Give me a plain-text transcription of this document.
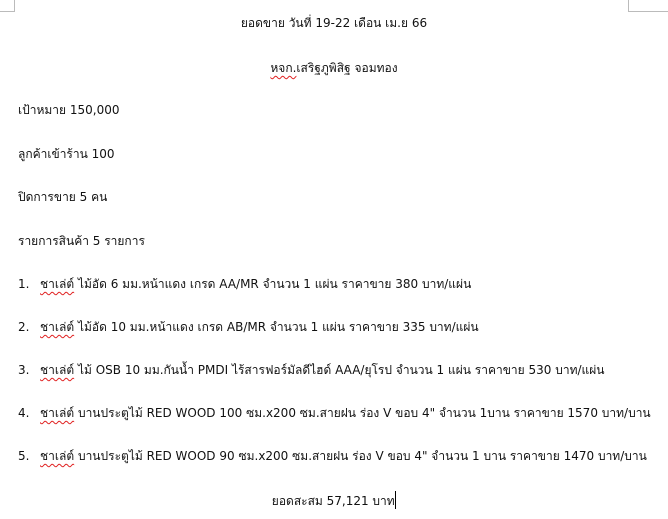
ยอดขาย วันที่ 19-22 เดือน เม.ย 66
หจก.เสริฐภูพิสิฐ จอมทอง
เป้าหมาย 150,000
ลูกค้าเข้าร้าน 100
ปิดการขาย 5 คน
รายการสินค้า 5 รายการ
1. ชาเล่ต์ ไม้อัด 6 มม.หน้าแดง เกรด AA/MR จำนวน 1 แผ่น ราคาขาย 380 บาท/แผ่น
2. ชาเล่ต์ ไม้อัด 10 มม.หน้าแดง เกรด AB/MR จำนวน 1 แผ่น ราคาขาย 335 บาท/แผ่น
3. ชาเล่ต์ ไม้ OSB 10 มม.กันน้ำ PMDI ไร้สารฟอร์มัลดีไฮด์ AAA/ยุโรป จำนวน 1 แผ่น ราคาขาย 530 บาท/แผ่น
4. ชาเล่ต์ บานประตูไม้ RED WOOD 100 ซม.x200 ซม.สายฝน ร่อง V ขอบ 4" จำนวน 1บาน ราคาขาย 1570 บาท/บาน
5. ชาเล่ต์ บานประตูไม้ RED WOOD 90 ซม.x200 ซม.สายฝน ร่อง V ขอบ 4" จำนวน 1 บาน ราคาขาย 1470 บาท/บาน
ยอดสะสม 57,121 บาท
